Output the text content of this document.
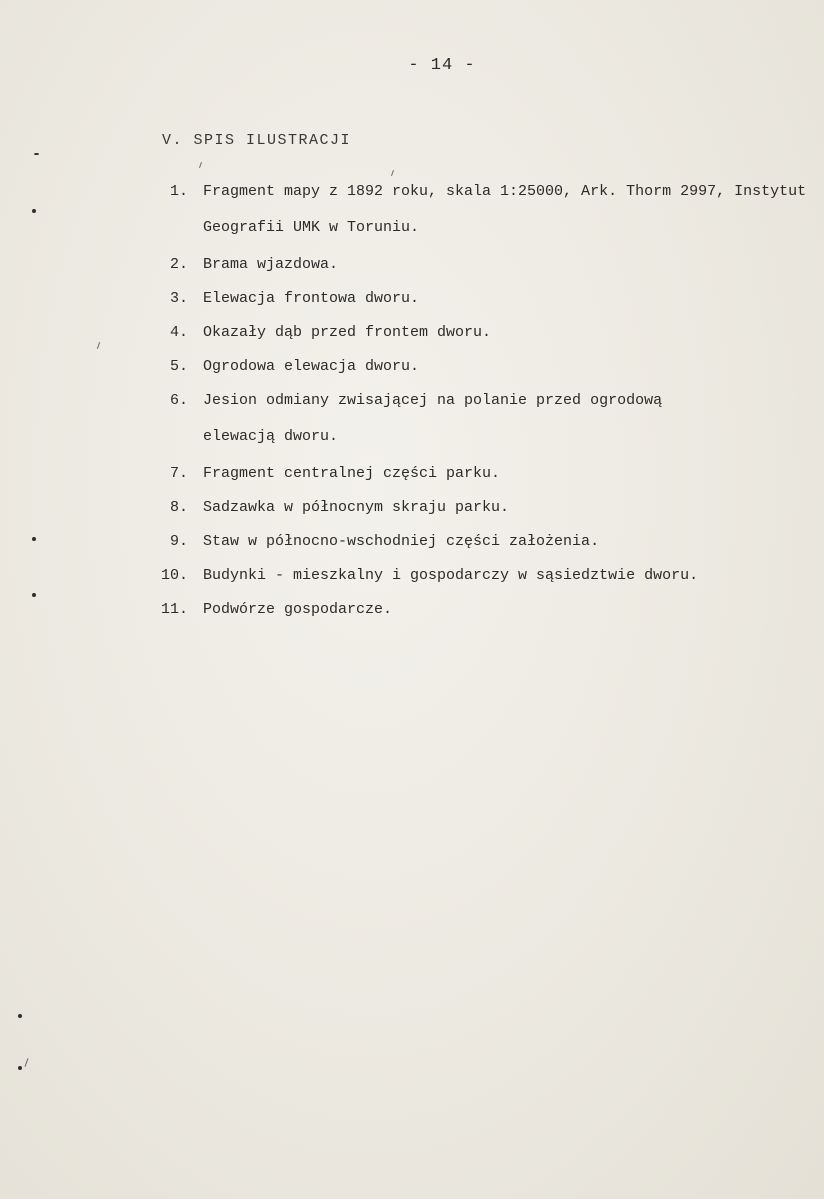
- 14 -
V. SPIS ILUSTRACJI
1. Fragment mapy z 1892 roku, skala 1:25000, Ark. Thorm 2997, Instytut Geografii UMK w Toruniu.
2. Brama wjazdowa.
3. Elewacja frontowa dworu.
4. Okazały dąb przed frontem dworu.
5. Ogrodowa elewacja dworu.
6. Jesion odmiany zwisającej na polanie przed ogrodową elewacją dworu.
7. Fragment centralnej części parku.
8. Sadzawka w północnym skraju parku.
9. Staw w północno-wschodniej części założenia.
10. Budynki - mieszkalny i gospodarczy w sąsiedztwie dworu.
11. Podwórze gospodarcze.
